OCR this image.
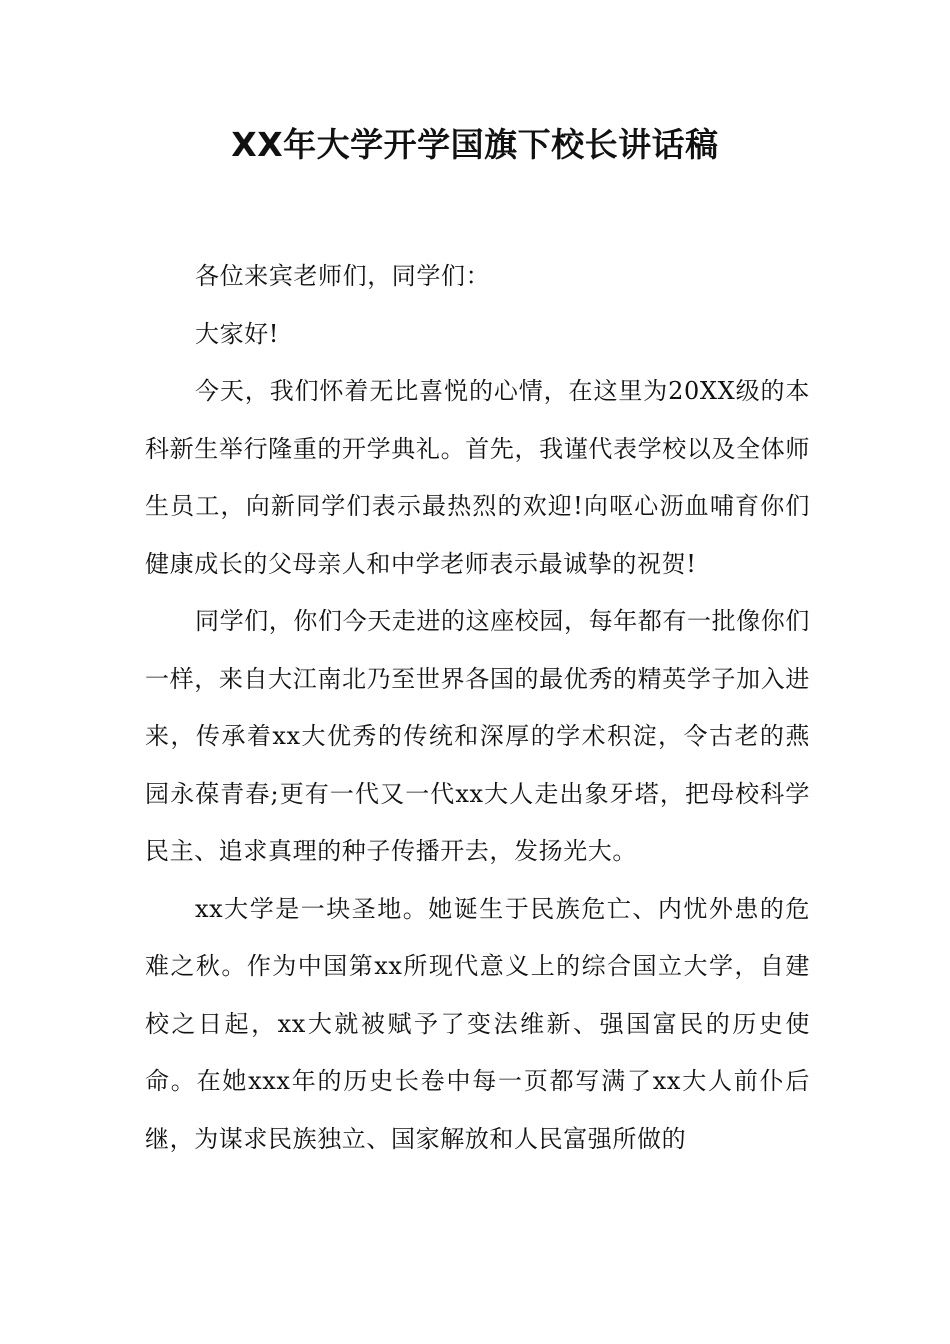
XX年大学开学国旗下校长讲话稿

各位来宾老师们，同学们：

大家好!

今天，我们怀着无比喜悦的心情，在这里为20XX级的本科新生举行隆重的开学典礼。首先，我谨代表学校以及全体师生员工，向新同学们表示最热烈的欢迎!向呕心沥血哺育你们健康成长的父母亲人和中学老师表示最诚挚的祝贺!

同学们，你们今天走进的这座校园，每年都有一批像你们一样，来自大江南北乃至世界各国的最优秀的精英学子加入进来，传承着xx大优秀的传统和深厚的学术积淀，令古老的燕园永葆青春;更有一代又一代xx大人走出象牙塔，把母校科学民主、追求真理的种子传播开去，发扬光大。

xx大学是一块圣地。她诞生于民族危亡、内忧外患的危难之秋。作为中国第xx所现代意义上的综合国立大学，自建校之日起，xx大就被赋予了变法维新、强国富民的历史使命。在她xxx年的历史长卷中每一页都写满了xx大人前仆后继，为谋求民族独立、国家解放和人民富强所做的
